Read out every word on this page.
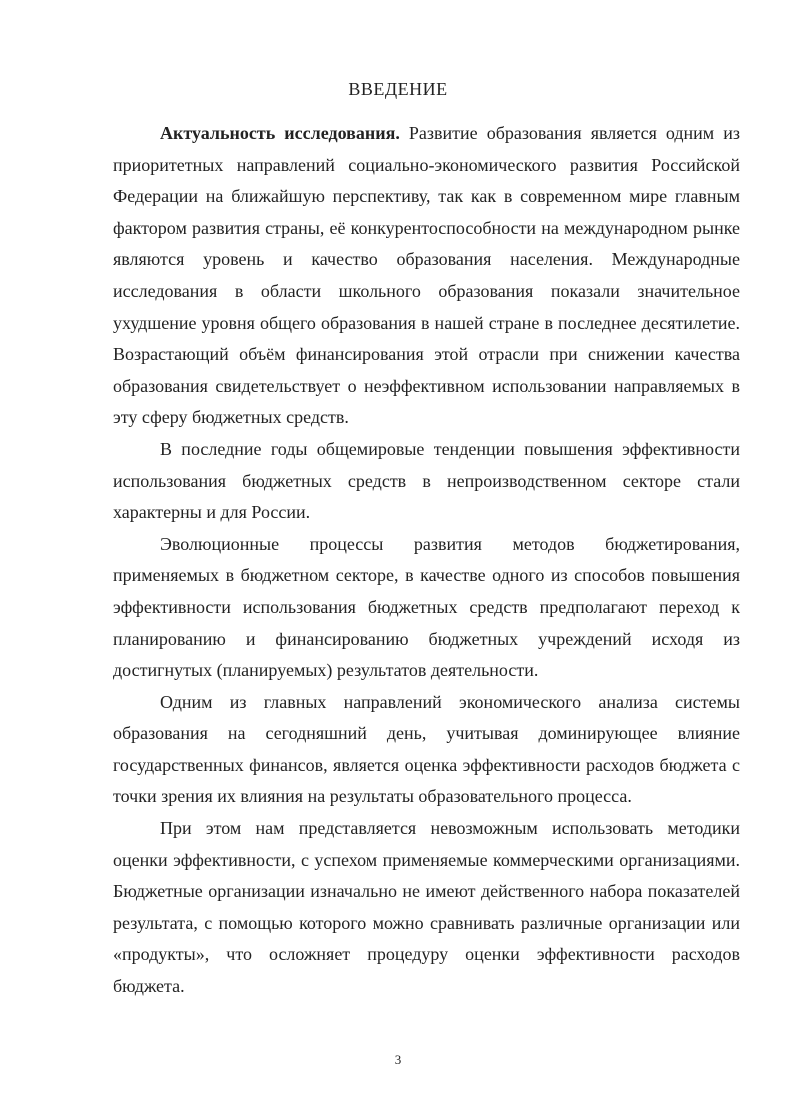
ВВЕДЕНИЕ

Актуальность исследования. Развитие образования является одним из приоритетных направлений социально-экономического развития Российской Федерации на ближайшую перспективу, так как в современном мире главным фактором развития страны, её конкурентоспособности на международном рынке являются уровень и качество образования населения. Международные исследования в области школьного образования показали значительное ухудшение уровня общего образования в нашей стране в последнее десятилетие. Возрастающий объём финансирования этой отрасли при снижении качества образования свидетельствует о неэффективном использовании направляемых в эту сферу бюджетных средств.

В последние годы общемировые тенденции повышения эффективности использования бюджетных средств в непроизводственном секторе стали характерны и для России.

Эволюционные процессы развития методов бюджетирования, применяемых в бюджетном секторе, в качестве одного из способов повышения эффективности использования бюджетных средств предполагают переход к планированию и финансированию бюджетных учреждений исходя из достигнутых (планируемых) результатов деятельности.

Одним из главных направлений экономического анализа системы образования на сегодняшний день, учитывая доминирующее влияние государственных финансов, является оценка эффективности расходов бюджета с точки зрения их влияния на результаты образовательного процесса.

При этом нам представляется невозможным использовать методики оценки эффективности, с успехом применяемые коммерческими организациями. Бюджетные организации изначально не имеют действенного набора показателей результата, с помощью которого можно сравнивать различные организации или «продукты», что осложняет процедуру оценки эффективности расходов бюджета.

3
